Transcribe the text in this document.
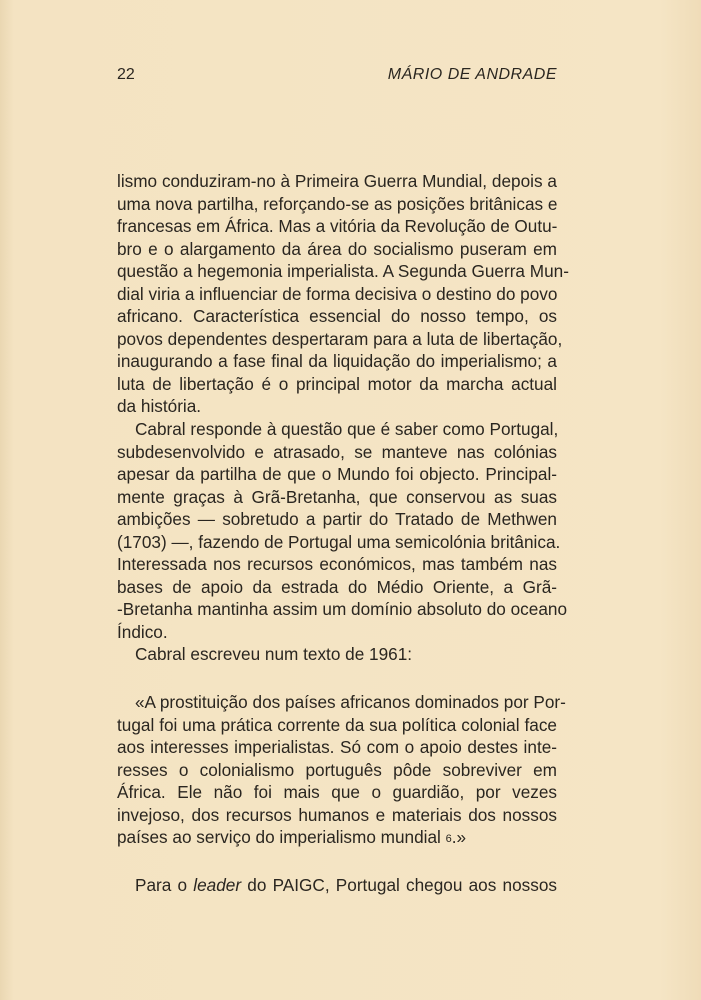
22	MÁRIO DE ANDRADE
lismo conduziram-no à Primeira Guerra Mundial, depois a
uma nova partilha, reforçando-se as posições britânicas e
francesas em África. Mas a vitória da Revolução de Outu-
bro e o alargamento da área do socialismo puseram em
questão a hegemonia imperialista. A Segunda Guerra Mun-
dial viria a influenciar de forma decisiva o destino do povo
africano. Característica essencial do nosso tempo, os
povos dependentes despertaram para a luta de libertação,
inaugurando a fase final da liquidação do imperialismo; a
luta de libertação é o principal motor da marcha actual
da história.
Cabral responde à questão que é saber como Portugal,
subdesenvolvido e atrasado, se manteve nas colónias
apesar da partilha de que o Mundo foi objecto. Principal-
mente graças à Grã-Bretanha, que conservou as suas
ambições — sobretudo a partir do Tratado de Methwen
(1703) —, fazendo de Portugal uma semicolónia britânica.
Interessada nos recursos económicos, mas também nas
bases de apoio da estrada do Médio Oriente, a Grã-
-Bretanha mantinha assim um domínio absoluto do oceano
Índico.
Cabral escreveu num texto de 1961:
«A prostituição dos países africanos dominados por Por-
tugal foi uma prática corrente da sua política colonial face
aos interesses imperialistas. Só com o apoio destes inte-
resses o colonialismo português pôde sobreviver em
África. Ele não foi mais que o guardião, por vezes
invejoso, dos recursos humanos e materiais dos nossos
países ao serviço do imperialismo mundial 6.»
Para o leader do PAIGC, Portugal chegou aos nossos
